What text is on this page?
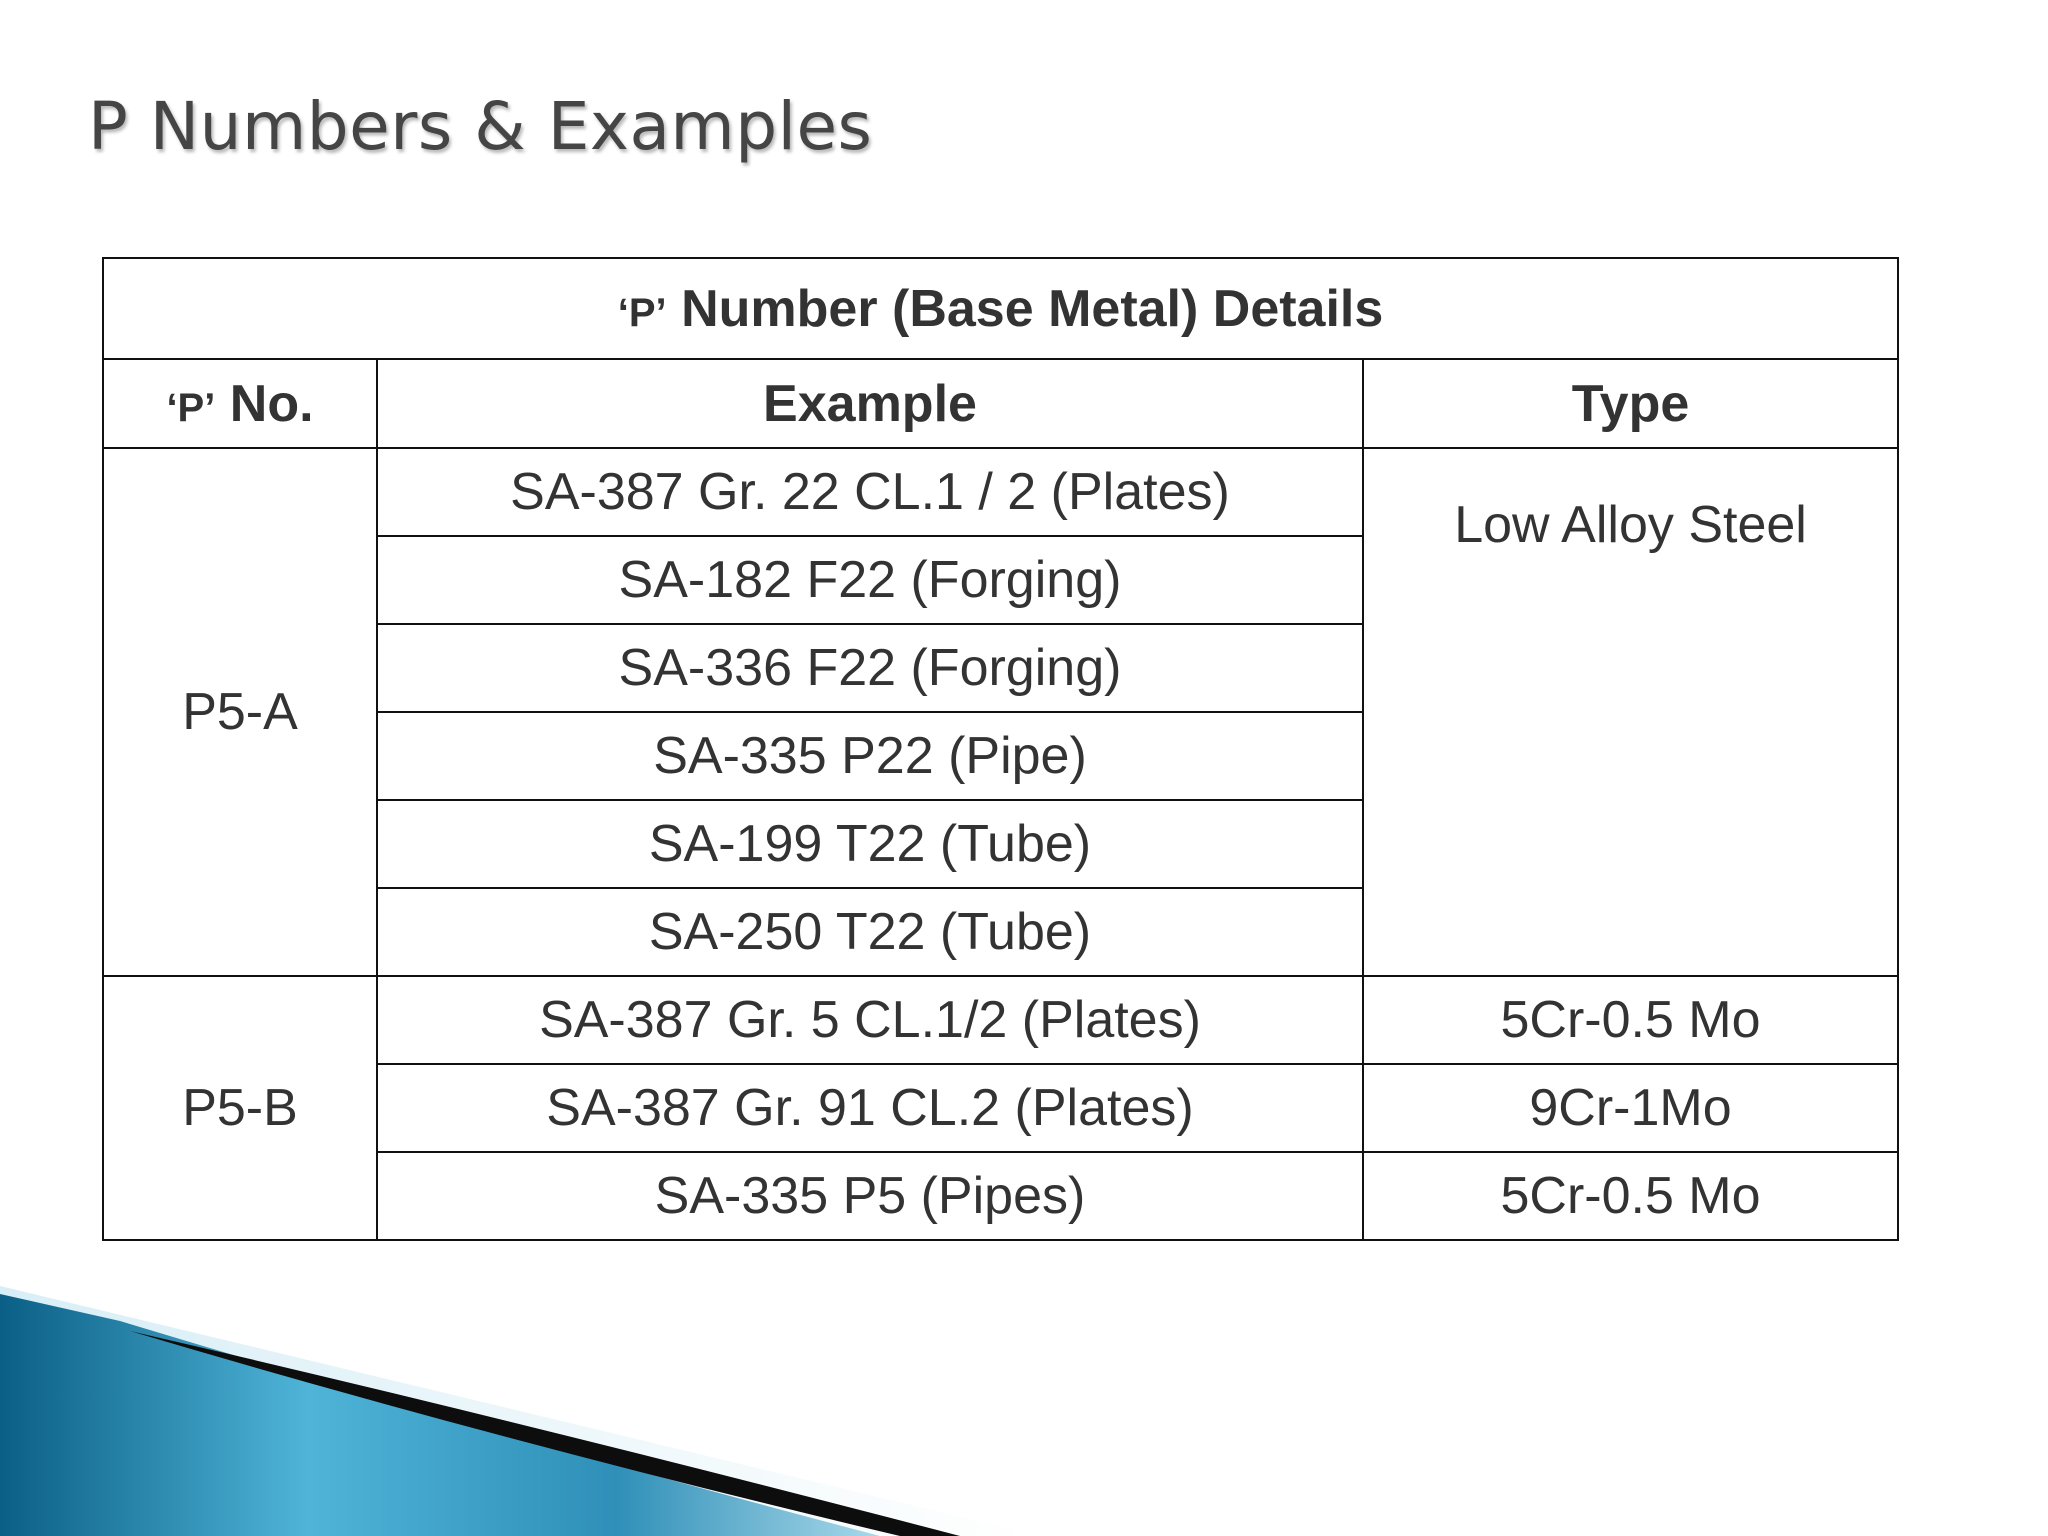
P Numbers & Examples
‘P’ Number (Base Metal) Details		
‘P’ No.	Example	Type
P5-A	SA-387 Gr. 22 CL.1 / 2 (Plates)	Low Alloy Steel
	SA-182 F22 (Forging)	
	SA-336 F22 (Forging)	
	SA-335 P22 (Pipe)	
	SA-199 T22 (Tube)	
	SA-250 T22 (Tube)	
P5-B	SA-387 Gr. 5 CL.1/2 (Plates)	5Cr-0.5 Mo
	SA-387 Gr. 91 CL.2 (Plates)	9Cr-1Mo
	SA-335 P5 (Pipes)	5Cr-0.5 Mo
